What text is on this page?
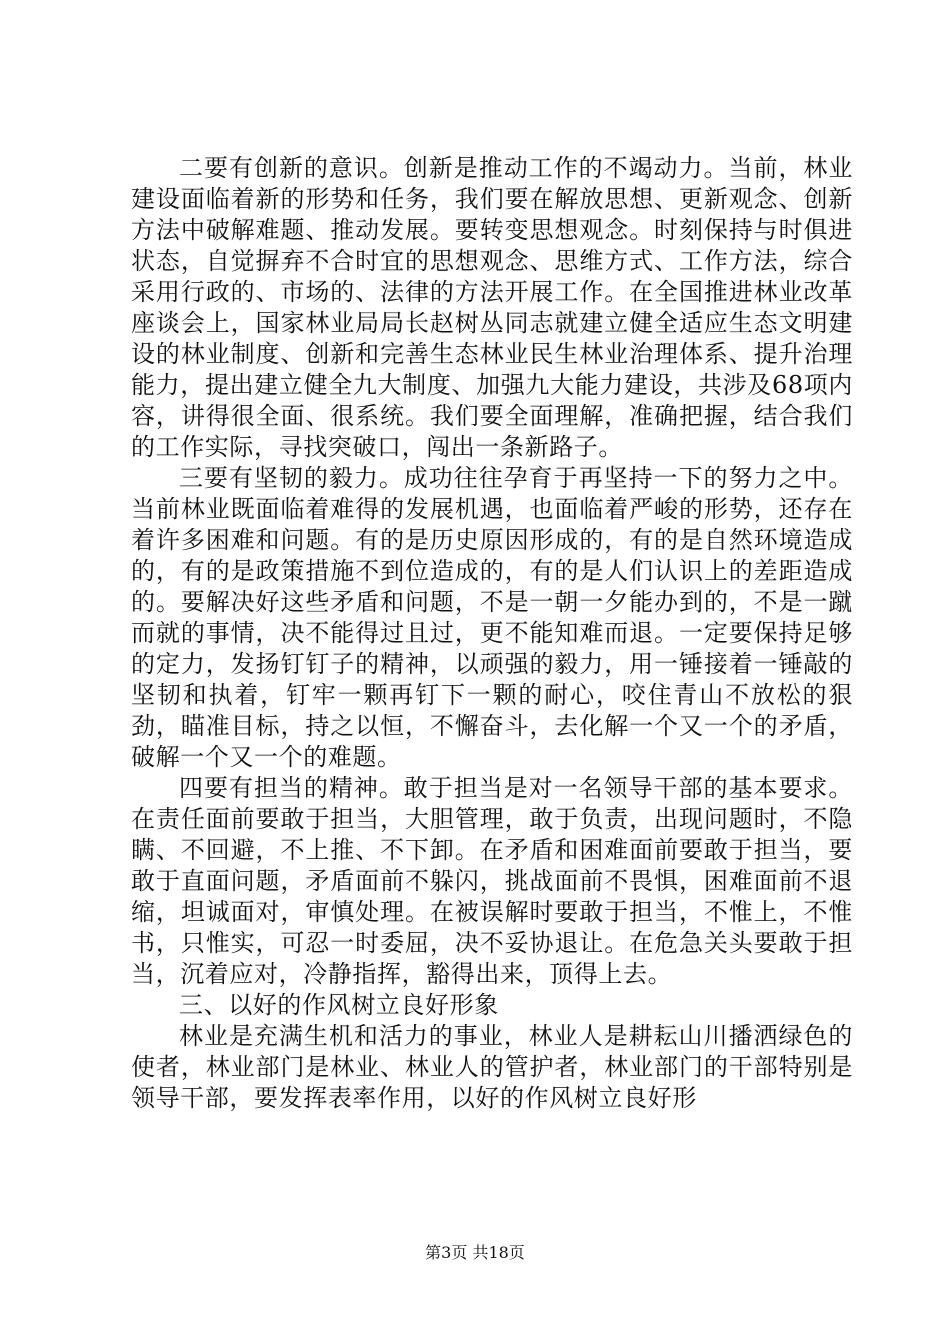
二要有创新的意识。创新是推动工作的不竭动力。当前，林业建设面临着新的形势和任务，我们要在解放思想、更新观念、创新方法中破解难题、推动发展。要转变思想观念。时刻保持与时俱进状态，自觉摒弃不合时宜的思想观念、思维方式、工作方法，综合采用行政的、市场的、法律的方法开展工作。在全国推进林业改革座谈会上，国家林业局局长赵树丛同志就建立健全适应生态文明建设的林业制度、创新和完善生态林业民生林业治理体系、提升治理能力，提出建立健全九大制度、加强九大能力建设，共涉及68项内容，讲得很全面、很系统。我们要全面理解，准确把握，结合我们的工作实际，寻找突破口，闯出一条新路子。

三要有坚韧的毅力。成功往往孕育于再坚持一下的努力之中。当前林业既面临着难得的发展机遇，也面临着严峻的形势，还存在着许多困难和问题。有的是历史原因形成的，有的是自然环境造成的，有的是政策措施不到位造成的，有的是人们认识上的差距造成的。要解决好这些矛盾和问题，不是一朝一夕能办到的，不是一蹴而就的事情，决不能得过且过，更不能知难而退。一定要保持足够的定力，发扬钉钉子的精神，以顽强的毅力，用一锤接着一锤敲的坚韧和执着，钉牢一颗再钉下一颗的耐心，咬住青山不放松的狠劲，瞄准目标，持之以恒，不懈奋斗，去化解一个又一个的矛盾，破解一个又一个的难题。

四要有担当的精神。敢于担当是对一名领导干部的基本要求。在责任面前要敢于担当，大胆管理，敢于负责，出现问题时，不隐瞒、不回避，不上推、不下卸。在矛盾和困难面前要敢于担当，要敢于直面问题，矛盾面前不躲闪，挑战面前不畏惧，困难面前不退缩，坦诚面对，审慎处理。在被误解时要敢于担当，不惟上，不惟书，只惟实，可忍一时委屈，决不妥协退让。在危急关头要敢于担当，沉着应对，冷静指挥，豁得出来，顶得上去。

三、以好的作风树立良好形象

林业是充满生机和活力的事业，林业人是耕耘山川播洒绿色的使者，林业部门是林业、林业人的管护者，林业部门的干部特别是领导干部，要发挥表率作用，以好的作风树立良好形

第3页 共18页
